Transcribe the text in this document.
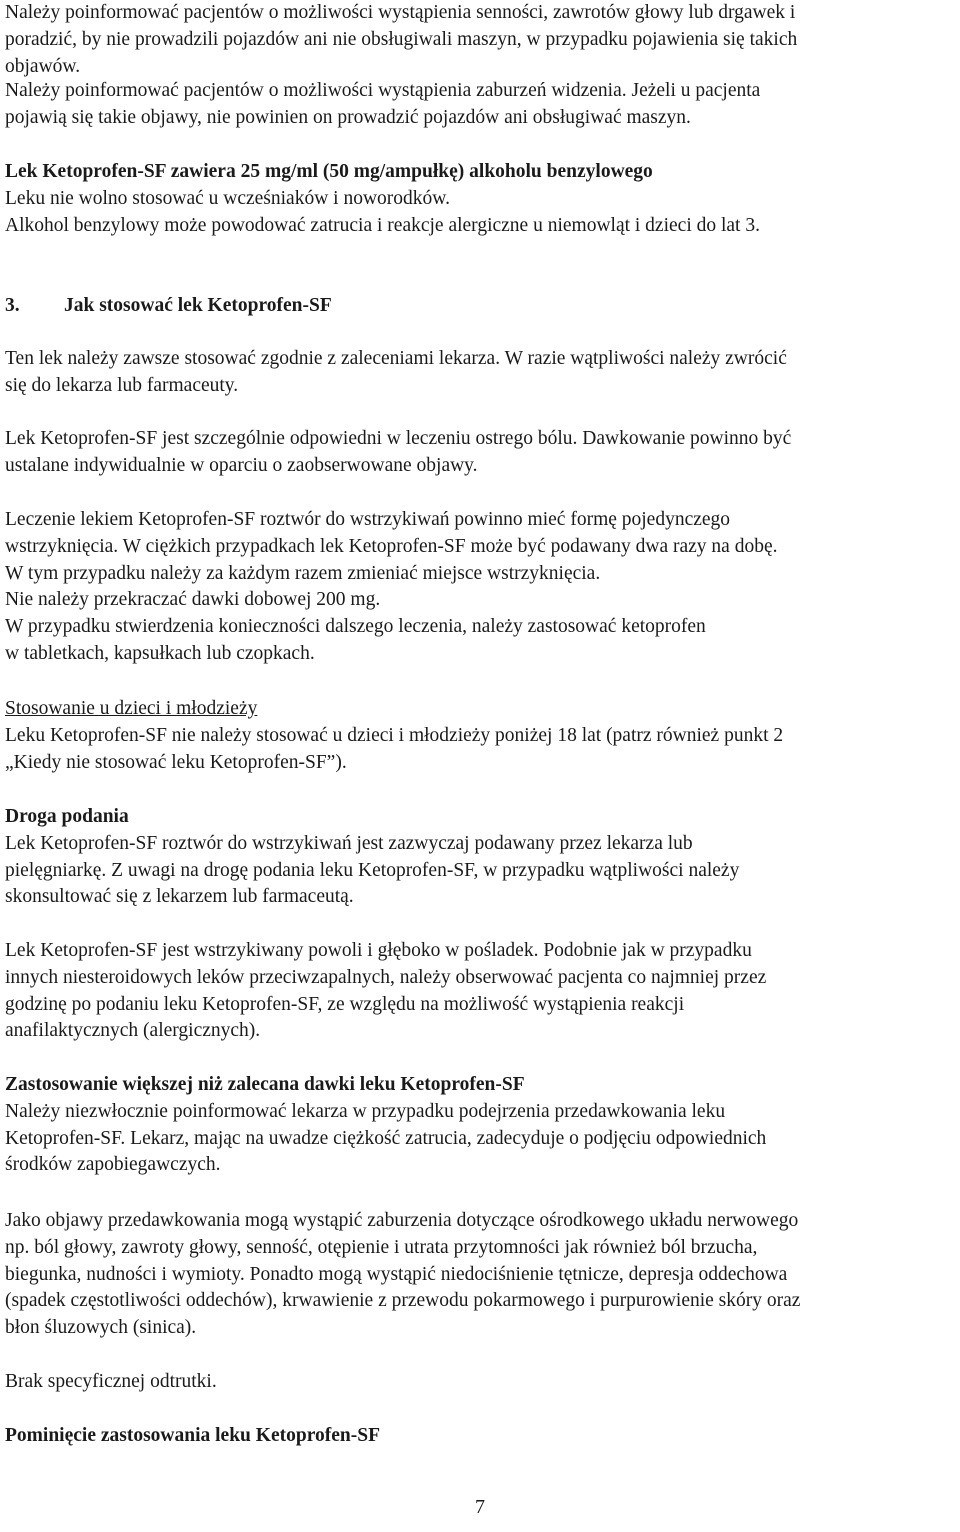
Należy poinformować pacjentów o możliwości wystąpienia senności, zawrotów głowy lub drgawek i
poradzić, by nie prowadzili pojazdów ani nie obsługiwali maszyn, w przypadku pojawienia się takich
objawów.

Należy poinformować pacjentów o możliwości wystąpienia zaburzeń widzenia. Jeżeli u pacjenta
pojawią się takie objawy, nie powinien on prowadzić pojazdów ani obsługiwać maszyn.

Lek Ketoprofen-SF zawiera 25 mg/ml (50 mg/ampułkę) alkoholu benzylowego
Leku nie wolno stosować u wcześniaków i noworodków.
Alkohol benzylowy może powodować zatrucia i reakcje alergiczne u niemowląt i dzieci do lat 3.

3. Jak stosować lek Ketoprofen-SF

Ten lek należy zawsze stosować zgodnie z zaleceniami lekarza. W razie wątpliwości należy zwrócić
się do lekarza lub farmaceuty.

Lek Ketoprofen-SF jest szczególnie odpowiedni w leczeniu ostrego bólu. Dawkowanie powinno być
ustalane indywidualnie w oparciu o zaobserwowane objawy.

Leczenie lekiem Ketoprofen-SF roztwór do wstrzykiwań powinno mieć formę pojedynczego
wstrzyknięcia. W ciężkich przypadkach lek Ketoprofen-SF może być podawany dwa razy na dobę.
W tym przypadku należy za każdym razem zmieniać miejsce wstrzyknięcia.
Nie należy przekraczać dawki dobowej 200 mg.
W przypadku stwierdzenia konieczności dalszego leczenia, należy zastosować ketoprofen
w tabletkach, kapsułkach lub czopkach.

Stosowanie u dzieci i młodzieży
Leku Ketoprofen-SF nie należy stosować u dzieci i młodzieży poniżej 18 lat (patrz również punkt 2
„Kiedy nie stosować leku Ketoprofen-SF”).

Droga podania
Lek Ketoprofen-SF roztwór do wstrzykiwań jest zazwyczaj podawany przez lekarza lub
pielęgniarkę. Z uwagi na drogę podania leku Ketoprofen-SF, w przypadku wątpliwości należy
skonsultować się z lekarzem lub farmaceutą.

Lek Ketoprofen-SF jest wstrzykiwany powoli i głęboko w pośladek. Podobnie jak w przypadku
innych niesteroidowych leków przeciwzapalnych, należy obserwować pacjenta co najmniej przez
godzinę po podaniu leku Ketoprofen-SF, ze względu na możliwość wystąpienia reakcji
anafilaktycznych (alergicznych).

Zastosowanie większej niż zalecana dawki leku Ketoprofen-SF
Należy niezwłocznie poinformować lekarza w przypadku podejrzenia przedawkowania leku
Ketoprofen-SF. Lekarz, mając na uwadze ciężkość zatrucia, zadecyduje o podjęciu odpowiednich
środków zapobiegawczych.

Jako objawy przedawkowania mogą wystąpić zaburzenia dotyczące ośrodkowego układu nerwowego
np. ból głowy, zawroty głowy, senność, otępienie i utrata przytomności jak również ból brzucha,
biegunka, nudności i wymioty. Ponadto mogą wystąpić niedociśnienie tętnicze, depresja oddechowa
(spadek częstotliwości oddechów), krwawienie z przewodu pokarmowego i purpurowienie skóry oraz
błon śluzowych (sinica).

Brak specyficznej odtrutki.

Pominięcie zastosowania leku Ketoprofen-SF

7
